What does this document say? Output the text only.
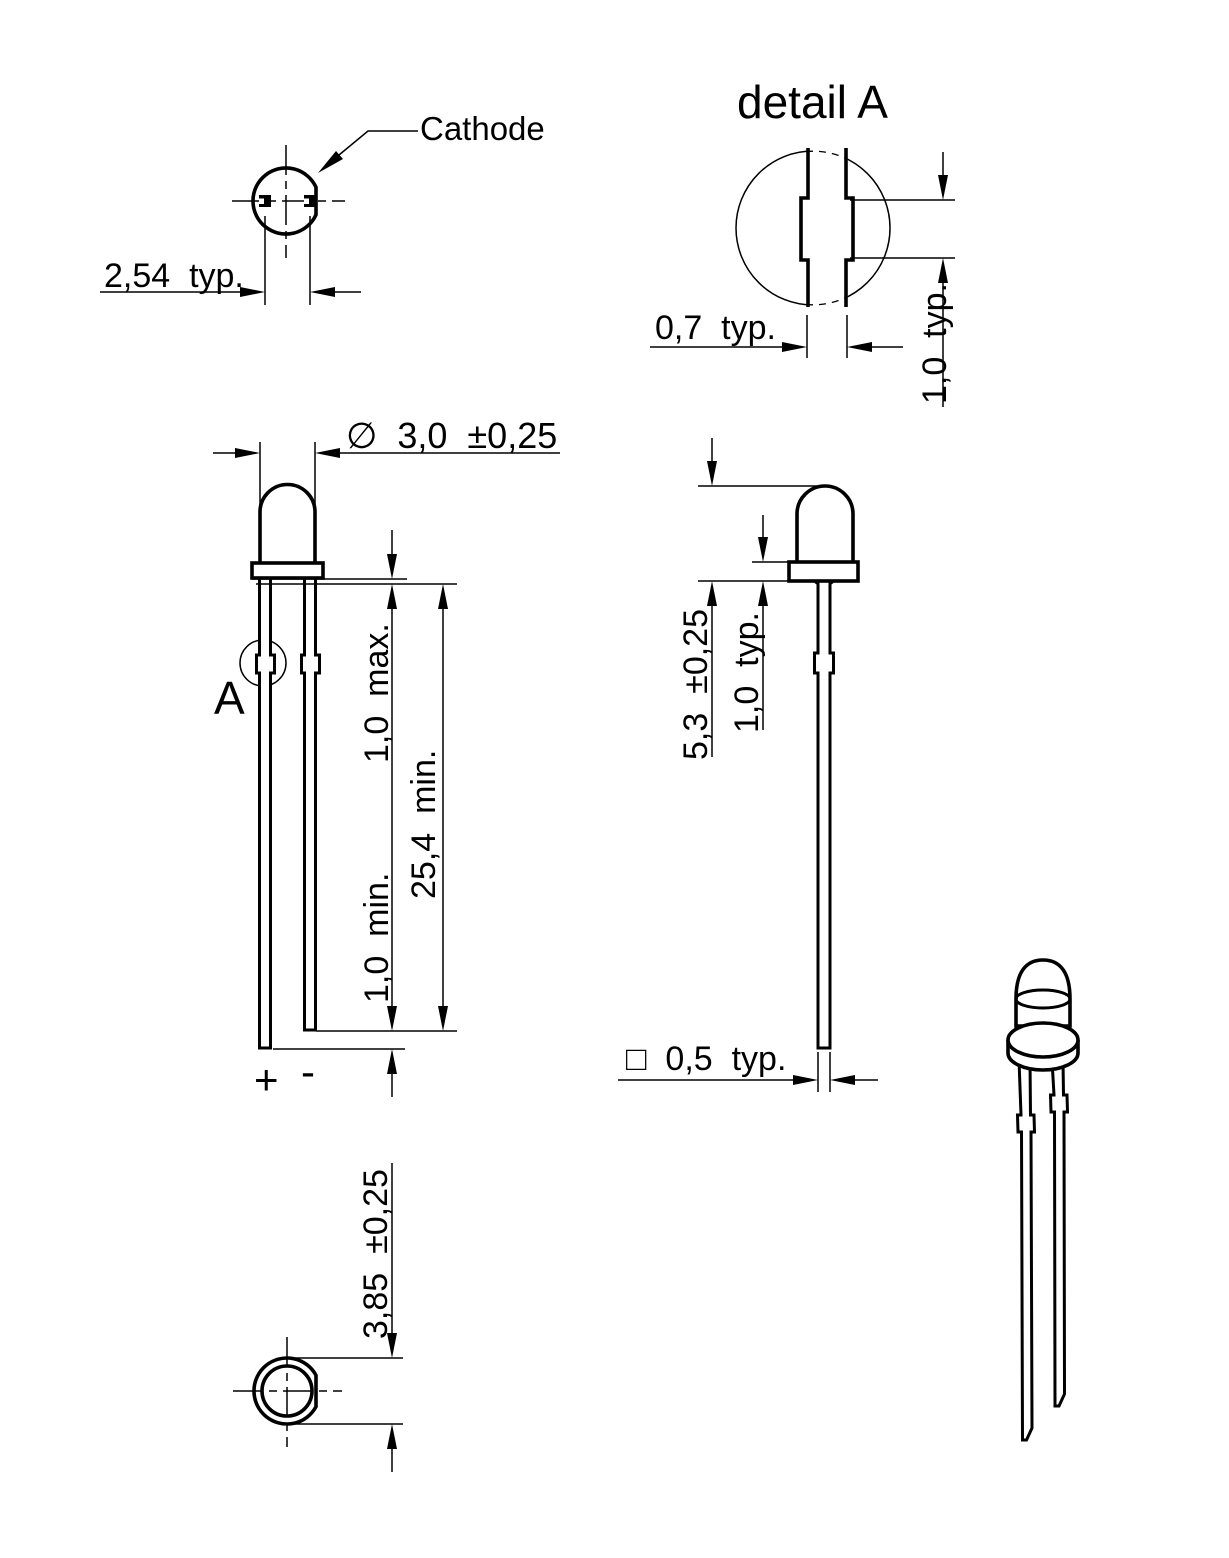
Cathode
2,54  typ.
detail A
0,7  typ.	1,0  typ.
∅  3,0  ±0,25
A	1,0  max.
25,4  min.
1,0  min.
+ -
5,3  ±0,25 1,0  typ.
□  0,5  typ.
3,85  ±0,25
